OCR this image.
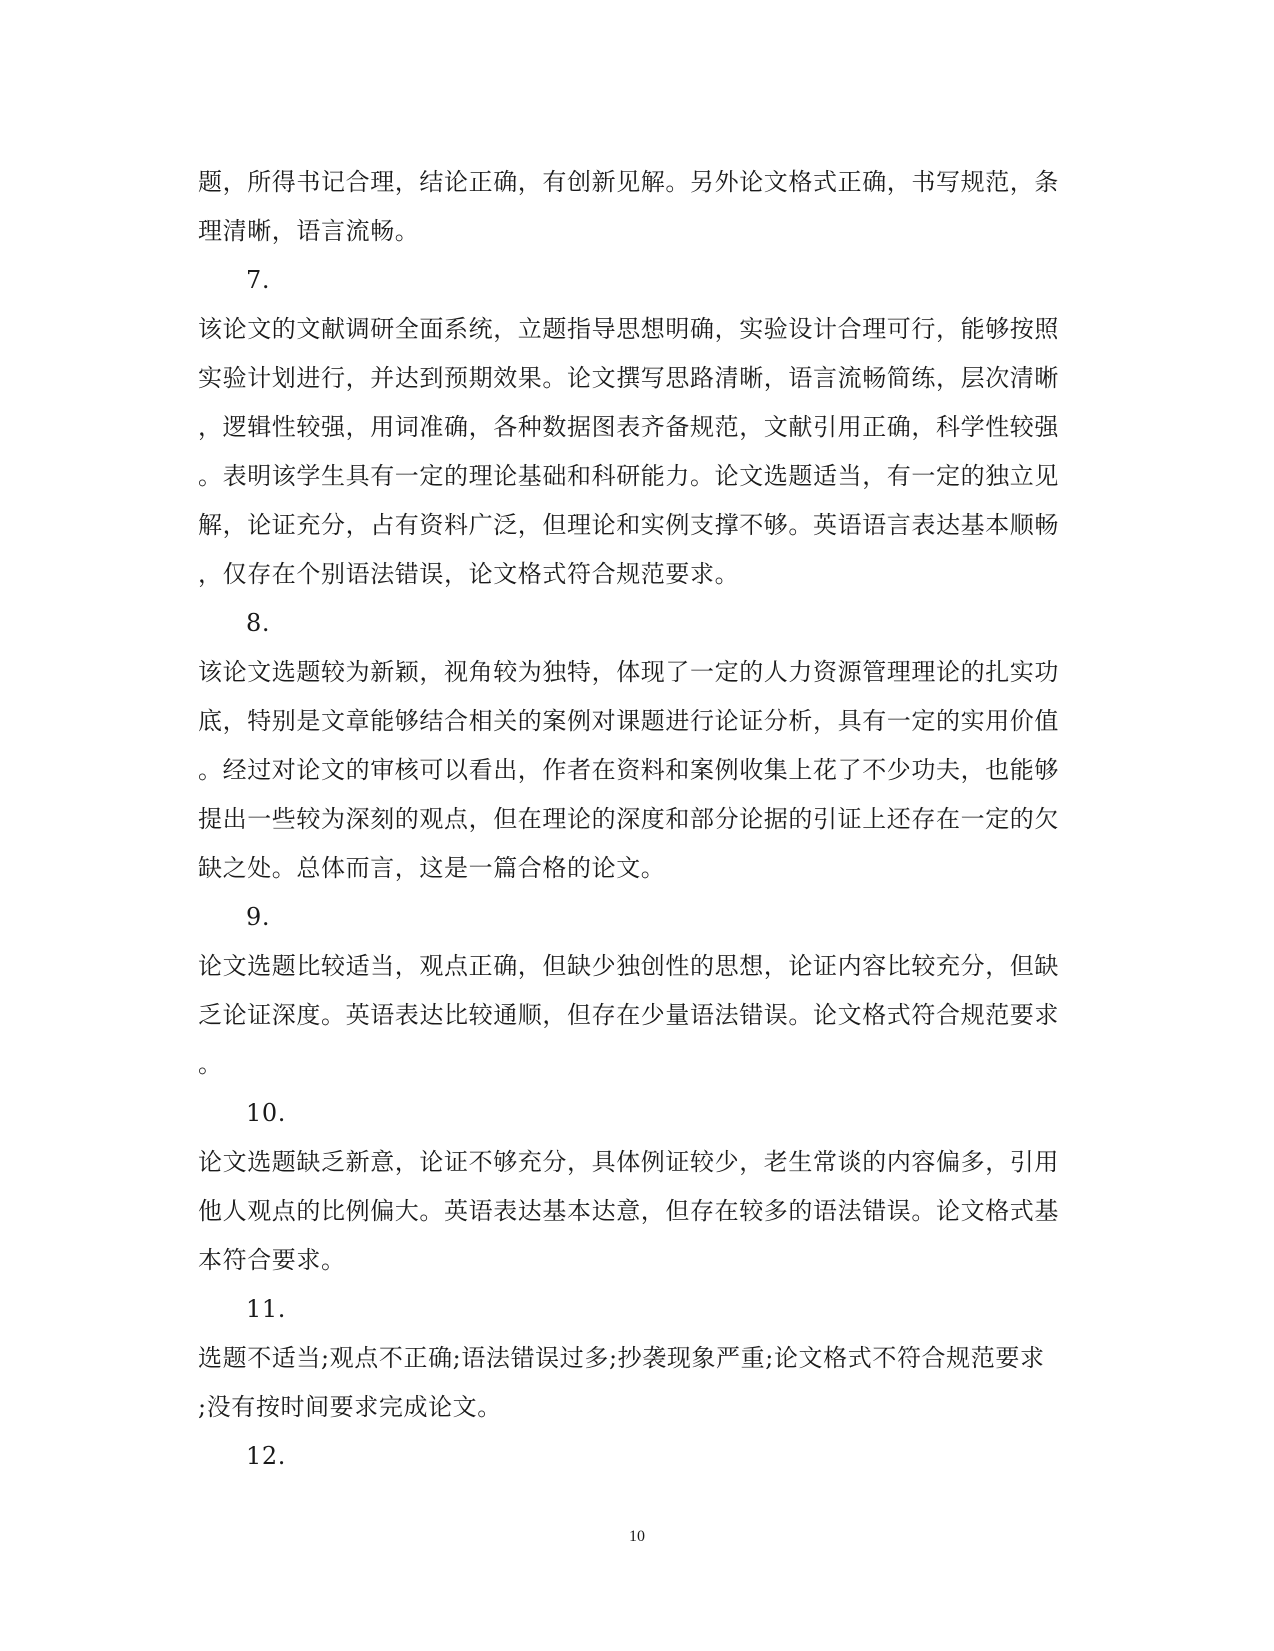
题，所得书记合理，结论正确，有创新见解。另外论文格式正确，书写规范，条
理清晰，语言流畅。
7.
该论文的文献调研全面系统，立题指导思想明确，实验设计合理可行，能够按照
实验计划进行，并达到预期效果。论文撰写思路清晰，语言流畅简练，层次清晰
，逻辑性较强，用词准确，各种数据图表齐备规范，文献引用正确，科学性较强
。表明该学生具有一定的理论基础和科研能力。论文选题适当，有一定的独立见
解，论证充分，占有资料广泛，但理论和实例支撑不够。英语语言表达基本顺畅
，仅存在个别语法错误，论文格式符合规范要求。
8.
该论文选题较为新颖，视角较为独特，体现了一定的人力资源管理理论的扎实功
底，特别是文章能够结合相关的案例对课题进行论证分析，具有一定的实用价值
。经过对论文的审核可以看出，作者在资料和案例收集上花了不少功夫，也能够
提出一些较为深刻的观点，但在理论的深度和部分论据的引证上还存在一定的欠
缺之处。总体而言，这是一篇合格的论文。
9.
论文选题比较适当，观点正确，但缺少独创性的思想，论证内容比较充分，但缺
乏论证深度。英语表达比较通顺，但存在少量语法错误。论文格式符合规范要求
。
10.
论文选题缺乏新意，论证不够充分，具体例证较少，老生常谈的内容偏多，引用
他人观点的比例偏大。英语表达基本达意，但存在较多的语法错误。论文格式基
本符合要求。
11.
选题不适当;观点不正确;语法错误过多;抄袭现象严重;论文格式不符合规范要求
;没有按时间要求完成论文。
12.
10
